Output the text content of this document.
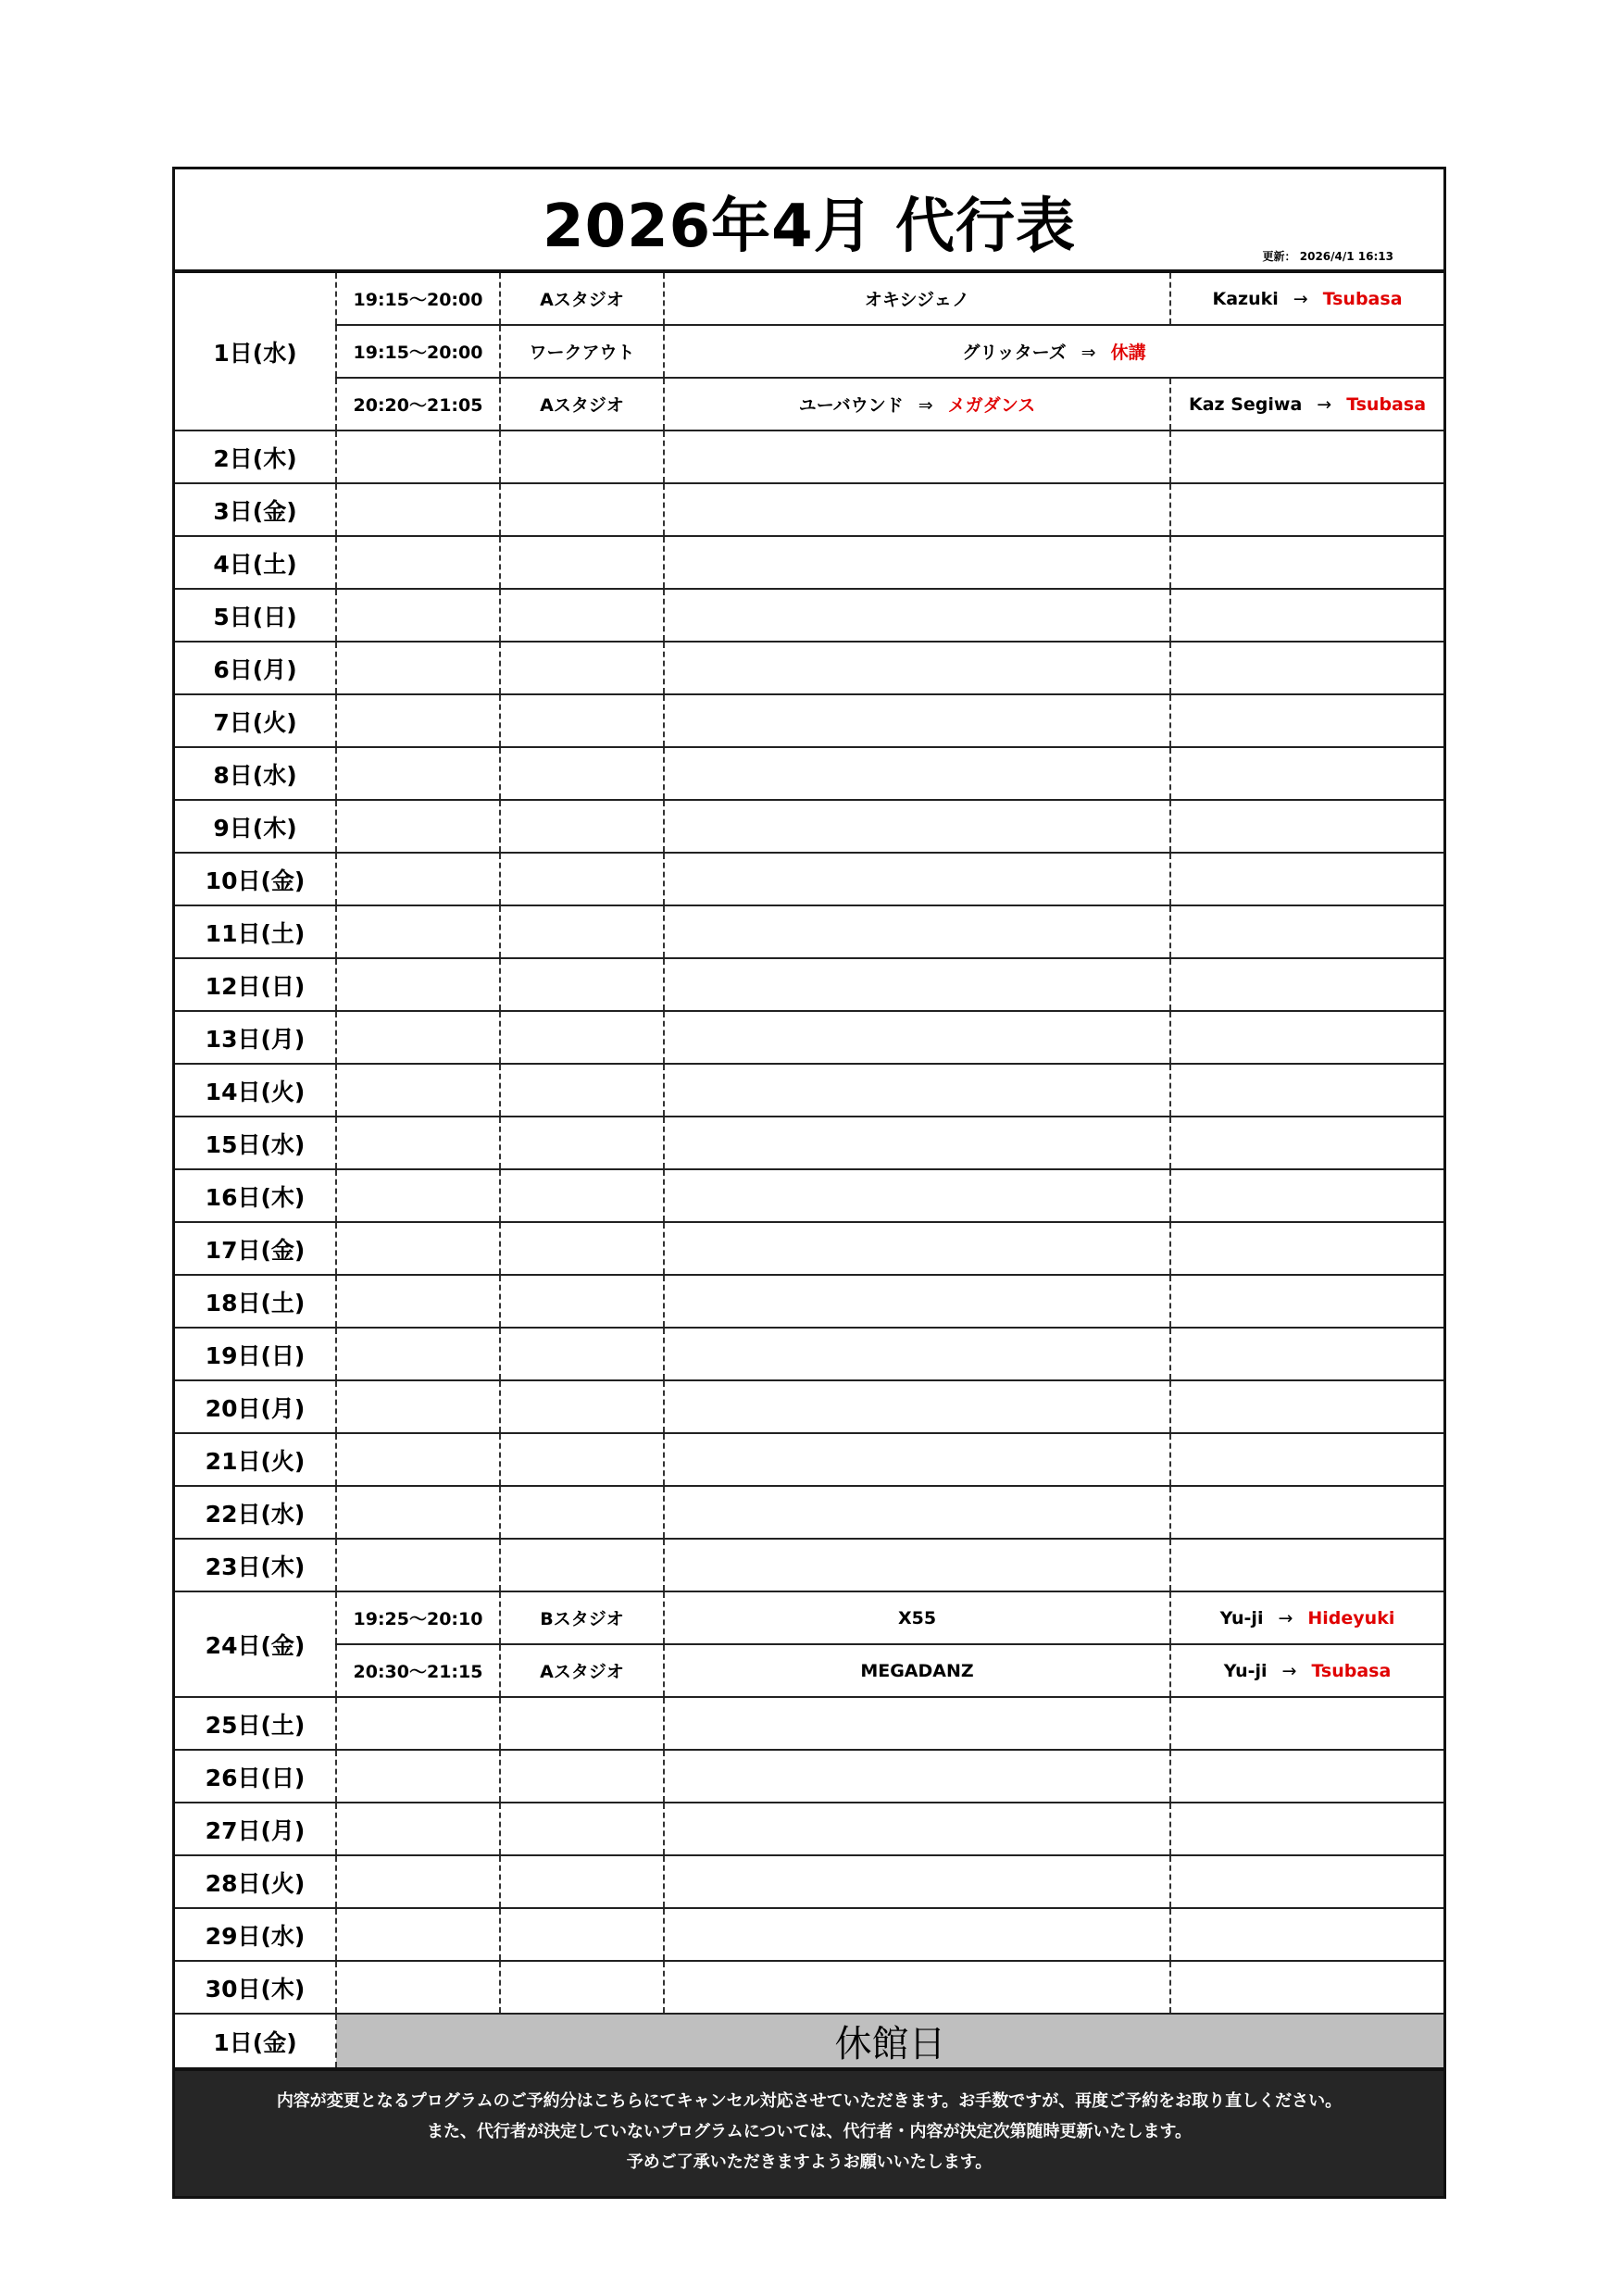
2026年4月 代行表	更新： 2026/4/1 16:13
1日(水)	19:15～20:00	Aスタジオ	オキシジェノ	Kazuki → Tsubasa
	19:15～20:00	ワークアウト	グリッターズ ⇒ 休講	
	20:20～21:05	Aスタジオ	ユーバウンド ⇒ メガダンス	Kaz Segiwa → Tsubasa
2日(木)				
3日(金)				
4日(土)				
5日(日)				
6日(月)				
7日(火)				
8日(水)				
9日(木)				
10日(金)				
11日(土)				
12日(日)				
13日(月)				
14日(火)				
15日(水)				
16日(木)				
17日(金)				
18日(土)				
19日(日)				
20日(月)				
21日(火)				
22日(水)				
23日(木)				
24日(金)	19:25～20:10	Bスタジオ	X55	Yu-ji → Hideyuki
	20:30～21:15	Aスタジオ	MEGADANZ	Yu-ji → Tsubasa
25日(土)				
26日(日)				
27日(月)				
28日(火)				
29日(水)				
30日(木)				
1日(金)	休館日			
内容が変更となるプログラムのご予約分はこちらにてキャンセル対応させていただきます。お手数ですが、再度ご予約をお取り直しください。
また、代行者が決定していないプログラムについては、代行者・内容が決定次第随時更新いたします。
予めご了承いただきますようお願いいたします。
